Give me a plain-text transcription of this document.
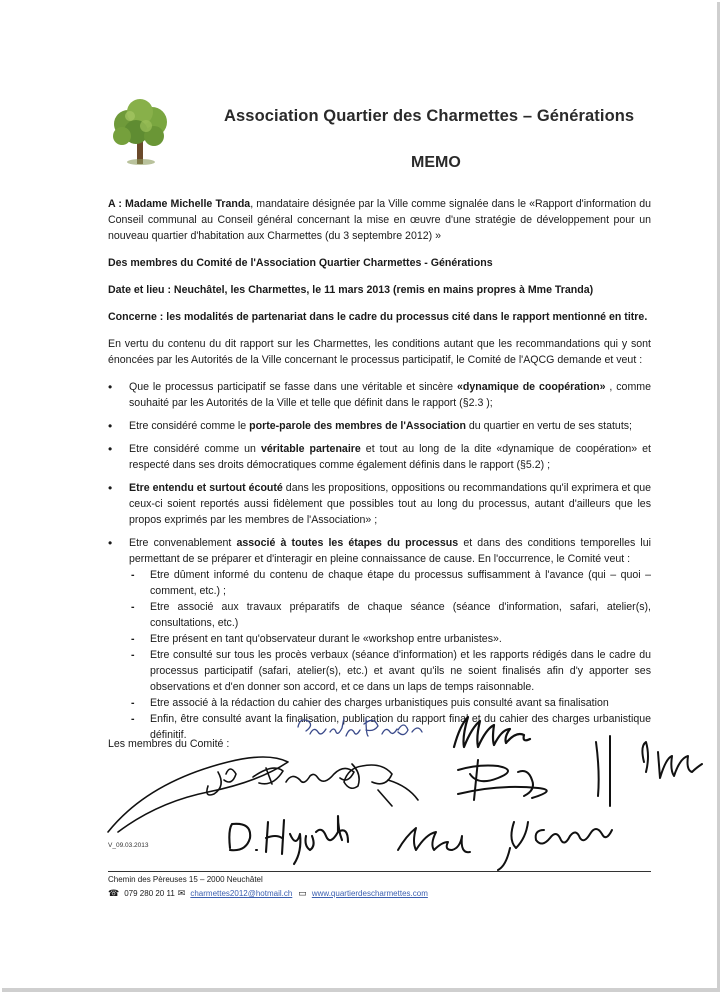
Association Quartier des Charmettes – Générations
MEMO

A : Madame Michelle Tranda, mandataire désignée par la Ville comme signalée dans le «Rapport d'information du Conseil communal au Conseil général concernant la mise en œuvre d'une stratégie de développement pour un nouveau quartier d'habitation aux Charmettes (du 3 septembre 2012) »

Des membres du Comité de l'Association Quartier Charmettes - Générations

Date et lieu : Neuchâtel, les Charmettes, le 11 mars 2013 (remis en mains propres à Mme Tranda)

Concerne : les modalités de partenariat dans le cadre du processus cité dans le rapport mentionné en titre.

En vertu du contenu du dit rapport sur les Charmettes, les conditions autant que les recommandations qui y sont énoncées par les Autorités de la Ville concernant le processus participatif, le Comité de l'AQCG demande et veut :

• Que le processus participatif se fasse dans une véritable et sincère «dynamique de coopération» , comme souhaité par les Autorités de la Ville et telle que définit dans le rapport (§2.3 );
• Etre considéré comme le porte-parole des membres de l'Association du quartier en vertu de ses statuts;
• Etre considéré comme un véritable partenaire et tout au long de la dite «dynamique de coopération» et respecté dans ses droits démocratiques comme également définis dans le rapport (§5.2) ;
• Etre entendu et surtout écouté dans les propositions, oppositions ou recommandations qu'il exprimera et que ceux-ci soient reportés aussi fidèlement que possibles tout au long du processus, autant d'ailleurs que les propos exprimés par les membres de l'Association» ;
• Etre convenablement associé à toutes les étapes du processus et dans des conditions temporelles lui permettant de se préparer et d'interagir en pleine connaissance de cause. En l'occurrence, le Comité veut :
- Etre dûment informé du contenu de chaque étape du processus suffisamment à l'avance (qui – quoi – comment, etc.) ;
- Etre associé aux travaux préparatifs de chaque séance (séance d'information, safari, atelier(s), consultations, etc.)
- Etre présent en tant qu'observateur durant le «workshop entre urbanistes».
- Etre consulté sur tous les procès verbaux (séance d'information) et les rapports rédigés dans le cadre du processus participatif (safari, atelier(s), etc.) et avant qu'ils ne soient finalisés afin d'y apporter ses observations et d'en donner son accord, et ce dans un laps de temps raisonnable.
- Etre associé à la rédaction du cahier des charges urbanistiques puis consulté avant sa finalisation
- Enfin, être consulté avant la finalisation, publication du rapport final et du cahier des charges urbanistique définitif.
Les membres du Comité :
V_09.03.2013
Chemin des Pèreuses 15 – 2000 Neuchâtel
☎ 079 280 20 11 ✉ charmettes2012@hotmail.ch ▭ www.quartierdescharmettes.com
